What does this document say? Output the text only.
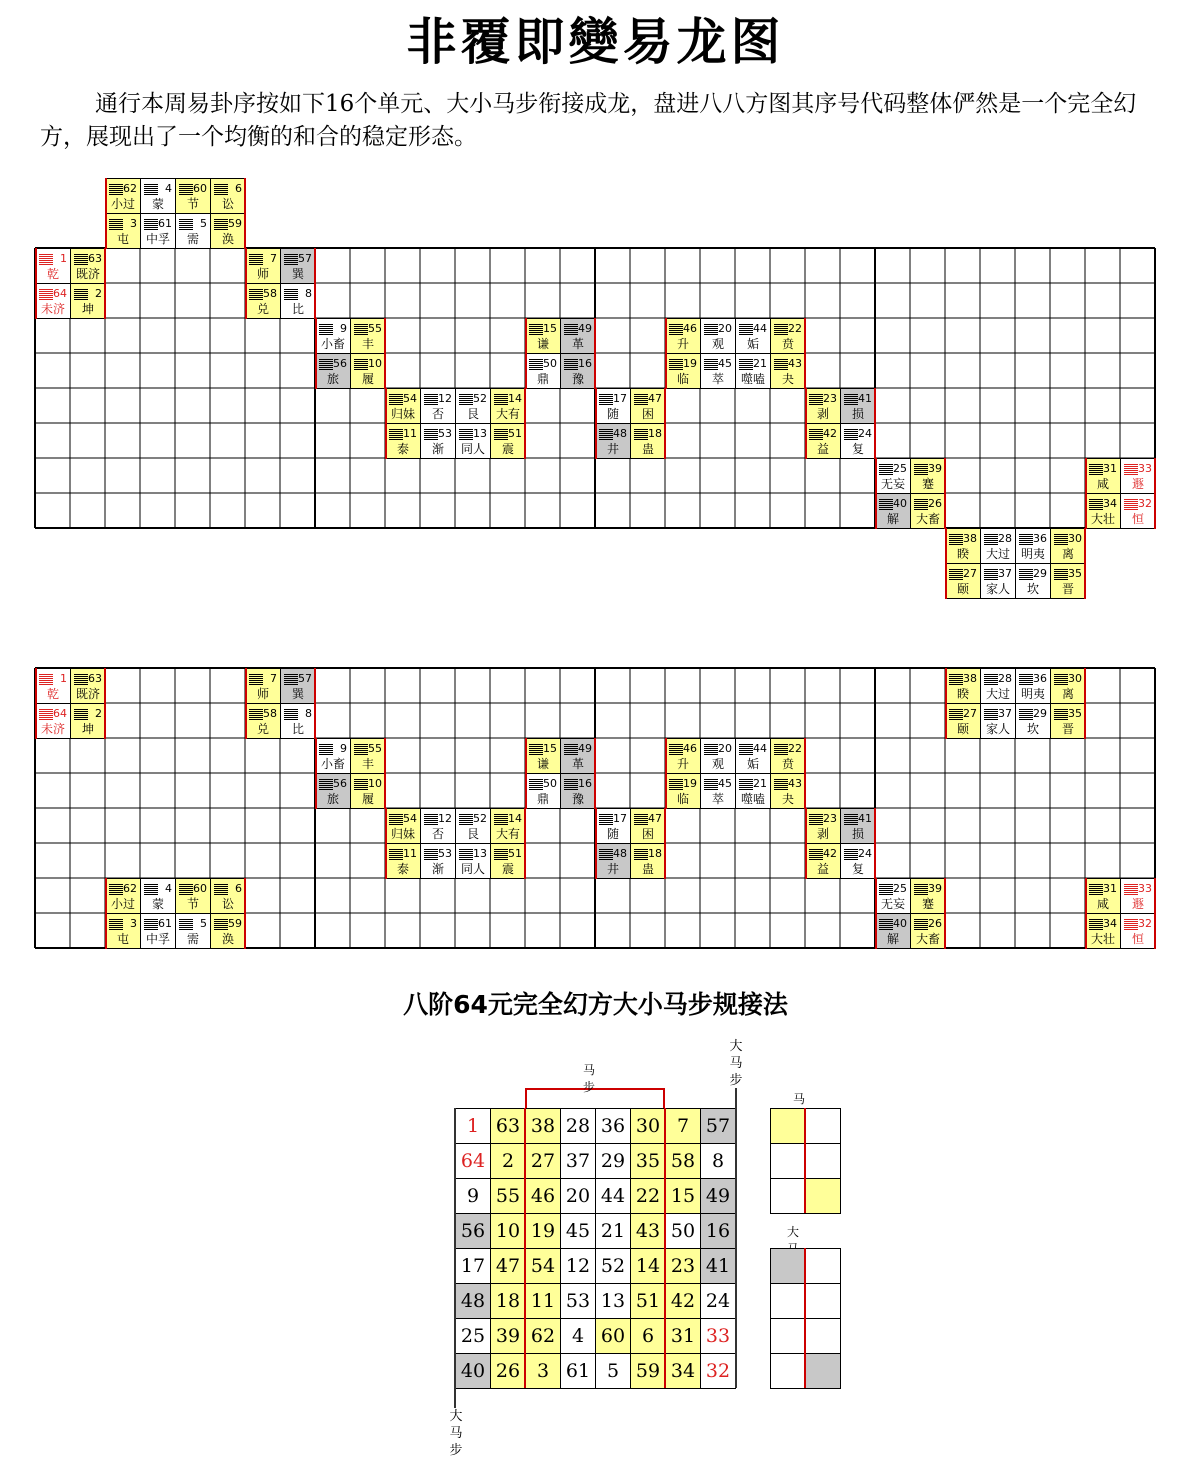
非覆即變易龙图
通行本周易卦序按如下16个单元、大小马步衔接成龙，盘进八八方图其序号代码整体俨然是一个完全幻方，展现出了一个均衡的和合的稳定形态。
1
乾
63
既济
64
未济
2
坤
7
师
57
巽
58
兑
8
比
9
小畜
55
丰
56
旅
10
履
54
归妹
12
否
52
艮
14
大有
11
泰
53
渐
13
同人
51
震
15
谦
49
革
50
鼎
16
豫
17
随
47
困
48
井
18
蛊
46
升
20
观
44
姤
22
贲
19
临
45
萃
21
噬嗑
43
夬
23
剥
41
损
42
益
24
复
25
无妄
39
蹇
40
解
26
大畜
31
咸
33
遯
34
大壮
32
恒
62
小过
4
蒙
60
节
6
讼
3
屯
61
中孚
5
需
59
涣
38
睽
28
大过
36
明夷
30
离
27
颐
37
家人
29
坎
35
晋
1
乾
63
既济
64
未济
2
坤
7
师
57
巽
58
兑
8
比
9
小畜
55
丰
56
旅
10
履
54
归妹
12
否
52
艮
14
大有
11
泰
53
渐
13
同人
51
震
15
谦
49
革
50
鼎
16
豫
17
随
47
困
48
井
18
蛊
46
升
20
观
44
姤
22
贲
19
临
45
萃
21
噬嗑
43
夬
23
剥
41
损
42
益
24
复
25
无妄
39
蹇
40
解
26
大畜
31
咸
33
遯
34
大壮
32
恒
62
小过
4
蒙
60
节
6
讼
3
屯
61
中孚
5
需
59
涣
38
睽
28
大过
36
明夷
30
离
27
颐
37
家人
29
坎
35
晋
八阶64元完全幻方大小马步规接法
1 63 38 28 36 30 7 57
64 2 27 37 29 35 58 8
9 55 46 20 44 22 15 49
56 10 19 45 21 43 50 16
17 47 54 12 52 14 23 41
48 18 11 53 13 51 42 24
25 39 62 4 60 6 31 33
40 26 3 61 5 59 34 32
马步
大马步
大马步
马
大
